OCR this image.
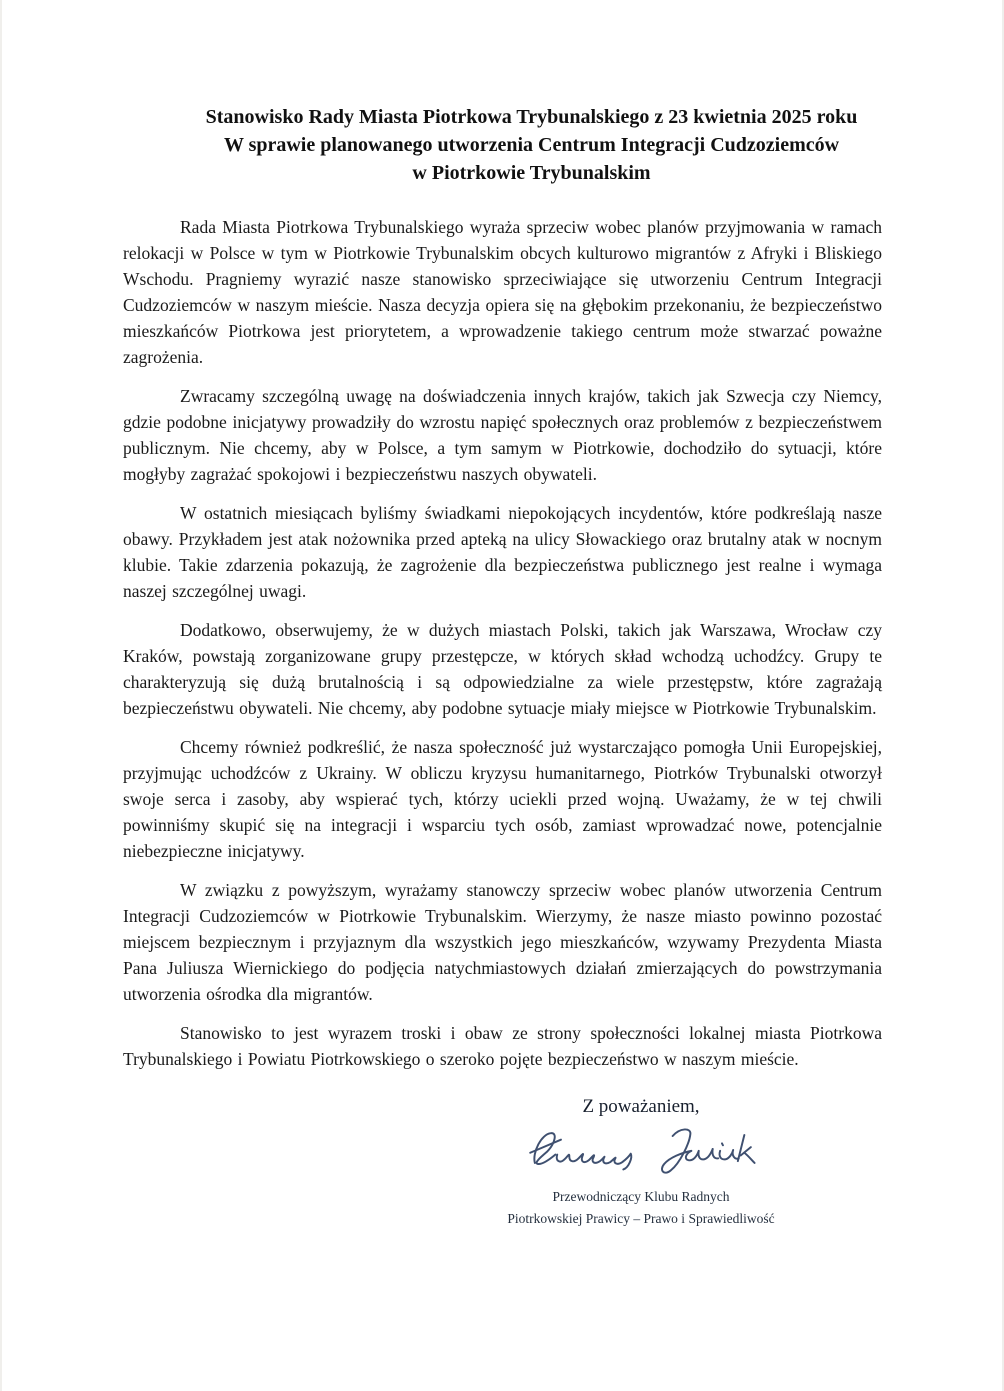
Stanowisko Rady Miasta Piotrkowa Trybunalskiego z 23 kwietnia 2025 roku
W sprawie planowanego utworzenia Centrum Integracji Cudzoziemców
w Piotrkowie Trybunalskim

Rada Miasta Piotrkowa Trybunalskiego wyraża sprzeciw wobec planów przyjmowania w ramach relokacji w Polsce w tym w Piotrkowie Trybunalskim obcych kulturowo migrantów z Afryki i Bliskiego Wschodu. Pragniemy wyrazić nasze stanowisko sprzeciwiające się utworzeniu Centrum Integracji Cudzoziemców w naszym mieście. Nasza decyzja opiera się na głębokim przekonaniu, że bezpieczeństwo mieszkańców Piotrkowa jest priorytetem, a wprowadzenie takiego centrum może stwarzać poważne zagrożenia.

Zwracamy szczególną uwagę na doświadczenia innych krajów, takich jak Szwecja czy Niemcy, gdzie podobne inicjatywy prowadziły do wzrostu napięć społecznych oraz problemów z bezpieczeństwem publicznym. Nie chcemy, aby w Polsce, a tym samym w Piotrkowie, dochodziło do sytuacji, które mogłyby zagrażać spokojowi i bezpieczeństwu naszych obywateli.

W ostatnich miesiącach byliśmy świadkami niepokojących incydentów, które podkreślają nasze obawy. Przykładem jest atak nożownika przed apteką na ulicy Słowackiego oraz brutalny atak w nocnym klubie. Takie zdarzenia pokazują, że zagrożenie dla bezpieczeństwa publicznego jest realne i wymaga naszej szczególnej uwagi.

Dodatkowo, obserwujemy, że w dużych miastach Polski, takich jak Warszawa, Wrocław czy Kraków, powstają zorganizowane grupy przestępcze, w których skład wchodzą uchodźcy. Grupy te charakteryzują się dużą brutalnością i są odpowiedzialne za wiele przestępstw, które zagrażają bezpieczeństwu obywateli. Nie chcemy, aby podobne sytuacje miały miejsce w Piotrkowie Trybunalskim.

Chcemy również podkreślić, że nasza społeczność już wystarczająco pomogła Unii Europejskiej, przyjmując uchodźców z Ukrainy. W obliczu kryzysu humanitarnego, Piotrków Trybunalski otworzył swoje serca i zasoby, aby wspierać tych, którzy uciekli przed wojną. Uważamy, że w tej chwili powinniśmy skupić się na integracji i wsparciu tych osób, zamiast wprowadzać nowe, potencjalnie niebezpieczne inicjatywy.

W związku z powyższym, wyrażamy stanowczy sprzeciw wobec planów utworzenia Centrum Integracji Cudzoziemców w Piotrkowie Trybunalskim. Wierzymy, że nasze miasto powinno pozostać miejscem bezpiecznym i przyjaznym dla wszystkich jego mieszkańców, wzywamy Prezydenta Miasta Pana Juliusza Wiernickiego do podjęcia natychmiastowych działań zmierzających do powstrzymania utworzenia ośrodka dla migrantów.

Stanowisko to jest wyrazem troski i obaw ze strony społeczności lokalnej miasta Piotrkowa Trybunalskiego i Powiatu Piotrkowskiego o szeroko pojęte bezpieczeństwo w naszym mieście.

Z poważaniem,
Przewodniczący Klubu Radnych
Piotrkowskiej Prawicy – Prawo i Sprawiedliwość
